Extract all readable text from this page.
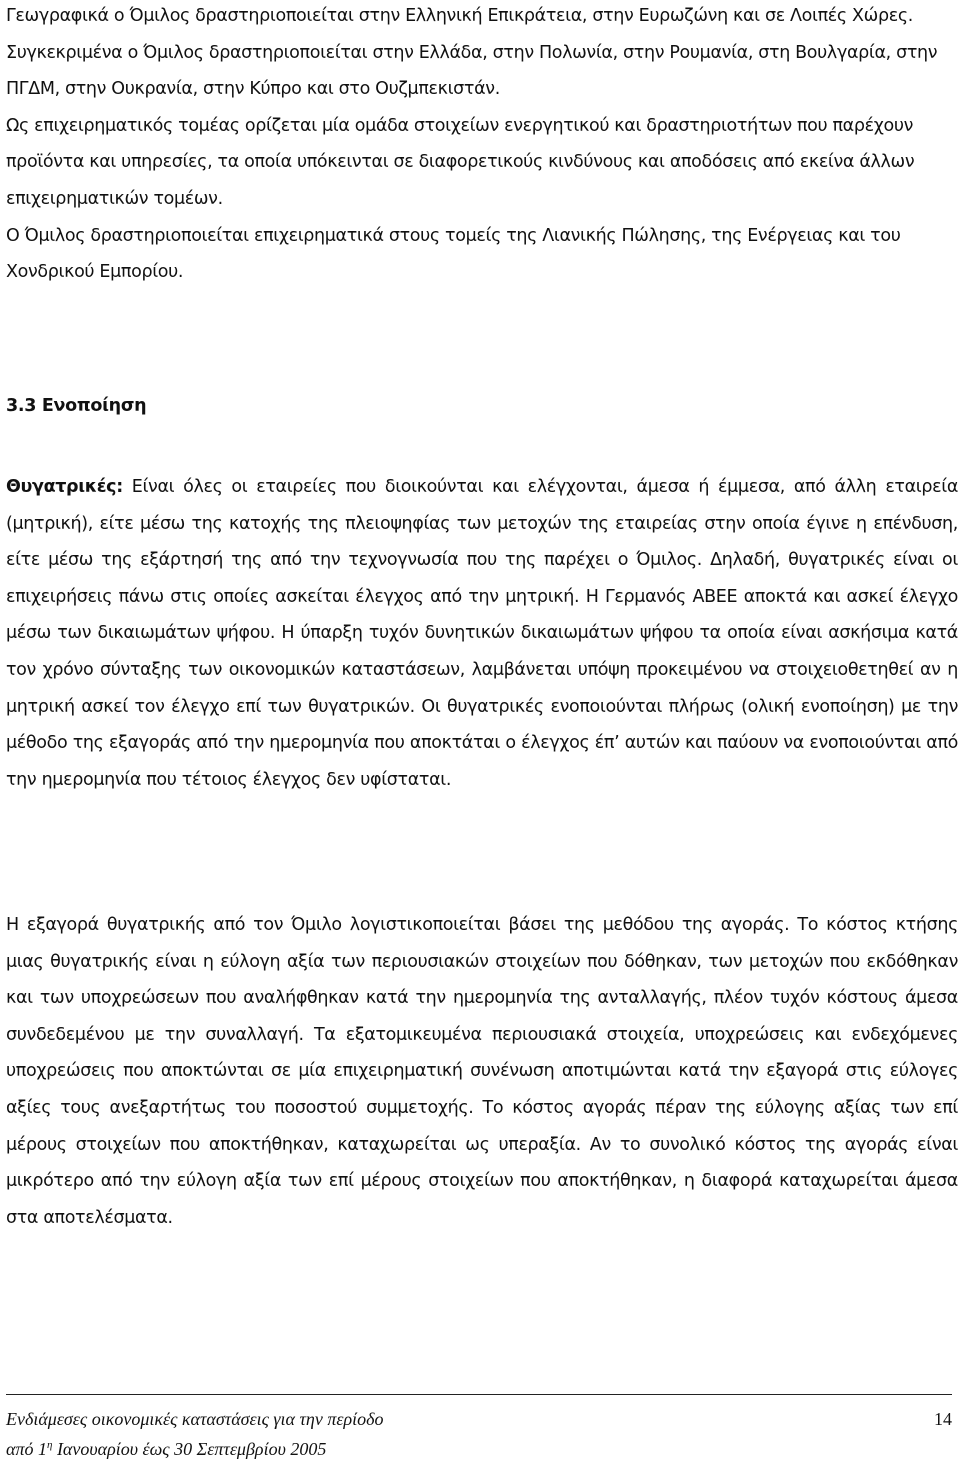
Γεωγραφικά ο Όμιλος δραστηριοποιείται στην Ελληνική Επικράτεια, στην Ευρωζώνη και σε Λοιπές Χώρες. Συγκεκριμένα ο Όμιλος δραστηριοποιείται στην Ελλάδα, στην Πολωνία, στην Ρουμανία, στη Βουλγαρία, στην ΠΓΔΜ, στην Ουκρανία, στην Κύπρο και στο Ουζμπεκιστάν.

Ως επιχειρηματικός τομέας ορίζεται μία ομάδα στοιχείων ενεργητικού και δραστηριοτήτων που παρέχουν προϊόντα και υπηρεσίες, τα οποία υπόκεινται σε διαφορετικούς κινδύνους και αποδόσεις από εκείνα άλλων επιχειρηματικών τομέων.

Ο Όμιλος δραστηριοποιείται επιχειρηματικά στους τομείς της Λιανικής Πώλησης, της Ενέργειας και του Χονδρικού Εμπορίου.

3.3 Ενοποίηση

Θυγατρικές: Είναι όλες οι εταιρείες που διοικούνται και ελέγχονται, άμεσα ή έμμεσα, από άλλη εταιρεία (μητρική), είτε μέσω της κατοχής της πλειοψηφίας των μετοχών της εταιρείας στην οποία έγινε η επένδυση, είτε μέσω της εξάρτησή της από την τεχνογνωσία που της παρέχει ο Όμιλος. Δηλαδή, θυγατρικές είναι οι επιχειρήσεις πάνω στις οποίες ασκείται έλεγχος από την μητρική. Η Γερμανός ΑΒΕΕ αποκτά και ασκεί έλεγχο μέσω των δικαιωμάτων ψήφου. Η ύπαρξη τυχόν δυνητικών δικαιωμάτων ψήφου τα οποία είναι ασκήσιμα κατά τον χρόνο σύνταξης των οικονομικών καταστάσεων, λαμβάνεται υπόψη προκειμένου να στοιχειοθετηθεί αν η μητρική ασκεί τον έλεγχο επί των θυγατρικών. Οι θυγατρικές ενοποιούνται πλήρως (ολική ενοποίηση) με την μέθοδο της εξαγοράς από την ημερομηνία που αποκτάται ο έλεγχος έπ’ αυτών και παύουν να ενοποιούνται από την ημερομηνία που τέτοιος έλεγχος δεν υφίσταται.

Η εξαγορά θυγατρικής από τον Όμιλο λογιστικοποιείται βάσει της μεθόδου της αγοράς. Το κόστος κτήσης μιας θυγατρικής είναι η εύλογη αξία των περιουσιακών στοιχείων που δόθηκαν, των μετοχών που εκδόθηκαν και των υποχρεώσεων που αναλήφθηκαν κατά την ημερομηνία της ανταλλαγής, πλέον τυχόν κόστους άμεσα συνδεδεμένου με την συναλλαγή. Τα εξατομικευμένα περιουσιακά στοιχεία, υποχρεώσεις και ενδεχόμενες υποχρεώσεις που αποκτώνται σε μία επιχειρηματική συνένωση αποτιμώνται κατά την εξαγορά στις εύλογες αξίες τους ανεξαρτήτως του ποσοστού συμμετοχής. Το κόστος αγοράς πέραν της εύλογης αξίας των επί μέρους στοιχείων που αποκτήθηκαν, καταχωρείται ως υπεραξία. Αν το συνολικό κόστος της αγοράς είναι μικρότερο από την εύλογη αξία των επί μέρους στοιχείων που αποκτήθηκαν, η διαφορά καταχωρείται άμεσα στα αποτελέσματα.

Ενδιάμεσες οικονομικές καταστάσεις για την περίοδο
από $1^\eta$ Ιανουαρίου έως 30 Σεπτεμβρίου 2005
14
